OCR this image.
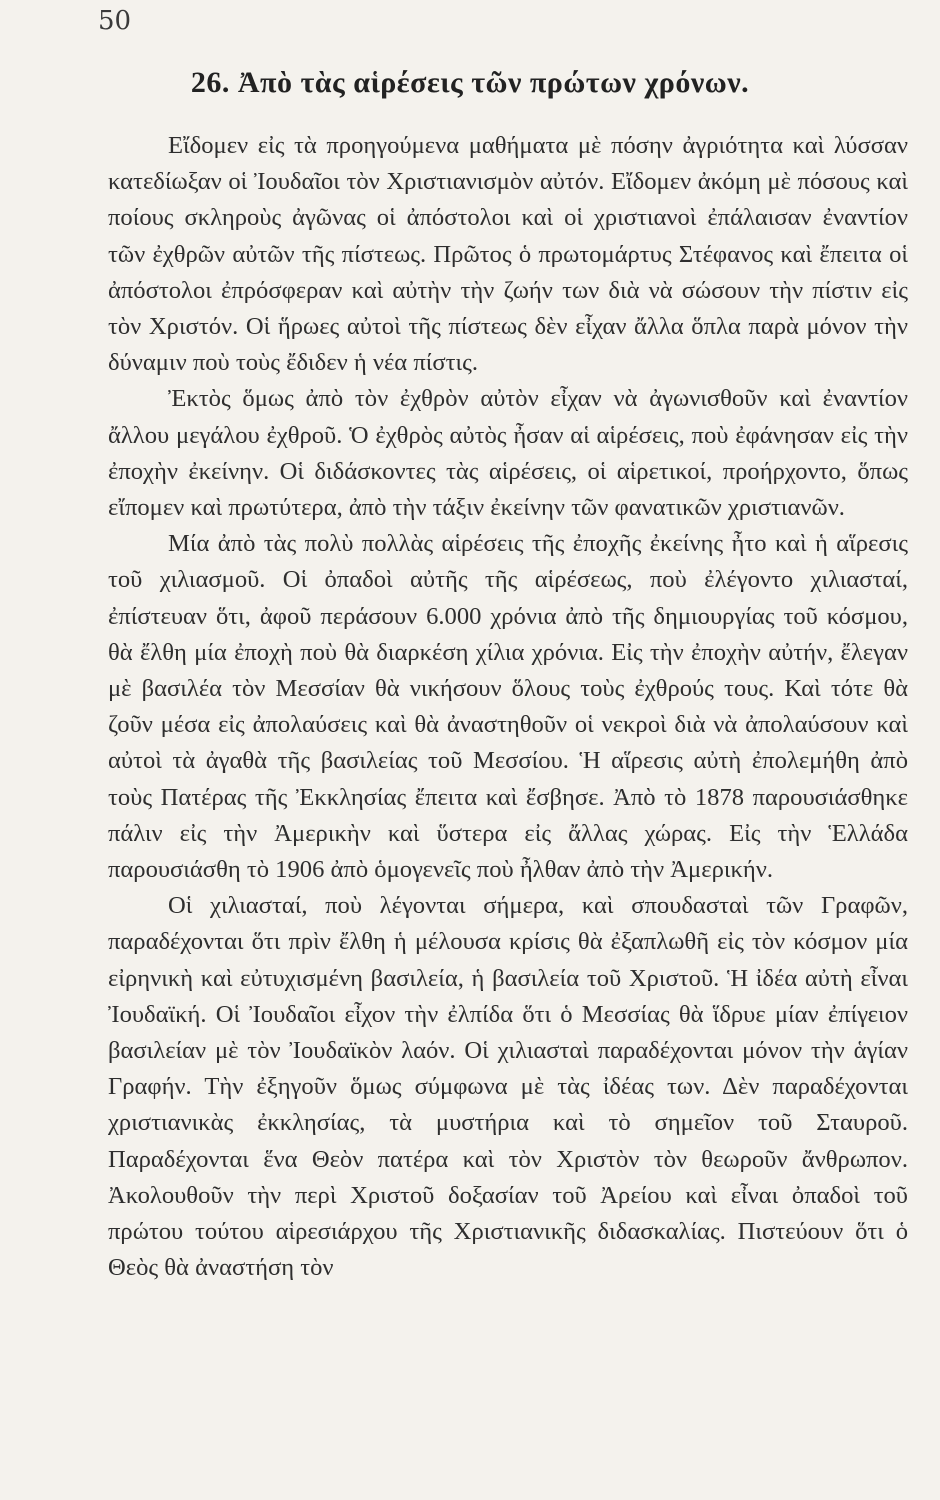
50
26. Ἀπὸ τὰς αἱρέσεις τῶν πρώτων χρόνων.

Εἴδομεν εἰς τὰ προηγούμενα μαθήματα μὲ πόσην ἀγριότητα καὶ λύσσαν κατεδίωξαν οἱ Ἰουδαῖοι τὸν Χριστιανισμὸν αὐτόν. Εἴδομεν ἀκόμη μὲ πόσους καὶ ποίους σκληροὺς ἀγῶνας οἱ ἀπόστολοι καὶ οἱ χριστιανοὶ ἐπάλαισαν ἐναντίον τῶν ἐχθρῶν αὐτῶν τῆς πίστεως. Πρῶτος ὁ πρωτομάρτυς Στέφανος καὶ ἔπειτα οἱ ἀπόστολοι ἐπρόσφεραν καὶ αὐτὴν τὴν ζωήν των διὰ νὰ σώσουν τὴν πίστιν εἰς τὸν Χριστόν. Οἱ ἥρωες αὐτοὶ τῆς πίστεως δὲν εἶχαν ἄλλα ὅπλα παρὰ μόνον τὴν δύναμιν ποὺ τοὺς ἔδιδεν ἡ νέα πίστις.

Ἐκτὸς ὅμως ἀπὸ τὸν ἐχθρὸν αὐτὸν εἶχαν νὰ ἀγωνισθοῦν καὶ ἐναντίον ἄλλου μεγάλου ἐχθροῦ. Ὁ ἐχθρὸς αὐτὸς ἦσαν αἱ αἱρέσεις, ποὺ ἐφάνησαν εἰς τὴν ἐποχὴν ἐκείνην. Οἱ διδάσκοντες τὰς αἱρέσεις, οἱ αἱρετικοί, προήρχοντο, ὅπως εἴπομεν καὶ πρωτύτερα, ἀπὸ τὴν τάξιν ἐκείνην τῶν φανατικῶν χριστιανῶν.

Μία ἀπὸ τὰς πολὺ πολλὰς αἱρέσεις τῆς ἐποχῆς ἐκείνης ἦτο καὶ ἡ αἵρεσις τοῦ χιλιασμοῦ. Οἱ ὀπαδοὶ αὐτῆς τῆς αἱρέσεως, ποὺ ἐλέγοντο χιλιασταί, ἐπίστευαν ὅτι, ἀφοῦ περάσουν 6.000 χρόνια ἀπὸ τῆς δημιουργίας τοῦ κόσμου, θὰ ἔλθη μία ἐποχὴ ποὺ θὰ διαρκέση χίλια χρόνια. Εἰς τὴν ἐποχὴν αὐτήν, ἔλεγαν μὲ βασιλέα τὸν Μεσσίαν θὰ νικήσουν ὅλους τοὺς ἐχθρούς τους. Καὶ τότε θὰ ζοῦν μέσα εἰς ἀπολαύσεις καὶ θὰ ἀναστηθοῦν οἱ νεκροὶ διὰ νὰ ἀπολαύσουν καὶ αὐτοὶ τὰ ἀγαθὰ τῆς βασιλείας τοῦ Μεσσίου. Ἡ αἵρεσις αὐτὴ ἐπολεμήθη ἀπὸ τοὺς Πατέρας τῆς Ἐκκλησίας ἔπειτα καὶ ἔσβησε. Ἀπὸ τὸ 1878 παρουσιάσθηκε πάλιν εἰς τὴν Ἀμερικὴν καὶ ὕστερα εἰς ἄλλας χώρας. Εἰς τὴν Ἑλλάδα παρουσιάσθη τὸ 1906 ἀπὸ ὁμογενεῖς ποὺ ἦλθαν ἀπὸ τὴν Ἀμερικήν.

Οἱ χιλιασταί, ποὺ λέγονται σήμερα, καὶ σπουδασταὶ τῶν Γραφῶν, παραδέχονται ὅτι πρὶν ἔλθη ἡ μέλουσα κρίσις θὰ ἐξαπλωθῆ εἰς τὸν κόσμον μία εἰρηνικὴ καὶ εὐτυχισμένη βασιλεία, ἡ βασιλεία τοῦ Χριστοῦ. Ἡ ἰδέα αὐτὴ εἶναι Ἰουδαϊκή. Οἱ Ἰουδαῖοι εἶχον τὴν ἐλπίδα ὅτι ὁ Μεσσίας θὰ ἵδρυε μίαν ἐπίγειον βασιλείαν μὲ τὸν Ἰουδαϊκὸν λαόν. Οἱ χιλιασταὶ παραδέχονται μόνον τὴν ἁγίαν Γραφήν. Τὴν ἐξηγοῦν ὅμως σύμφωνα μὲ τὰς ἰδέας των. Δὲν παραδέχονται χριστιανικὰς ἐκκλησίας, τὰ μυστήρια καὶ τὸ σημεῖον τοῦ Σταυροῦ. Παραδέχονται ἕνα Θεὸν πατέρα καὶ τὸν Χριστὸν τὸν θεωροῦν ἄνθρωπον. Ἀκολουθοῦν τὴν περὶ Χριστοῦ δοξασίαν τοῦ Ἀρείου καὶ εἶναι ὀπαδοὶ τοῦ πρώτου τούτου αἱρεσιάρχου τῆς Χριστιανικῆς διδασκαλίας. Πιστεύουν ὅτι ὁ Θεὸς θὰ ἀναστήση τὸν
